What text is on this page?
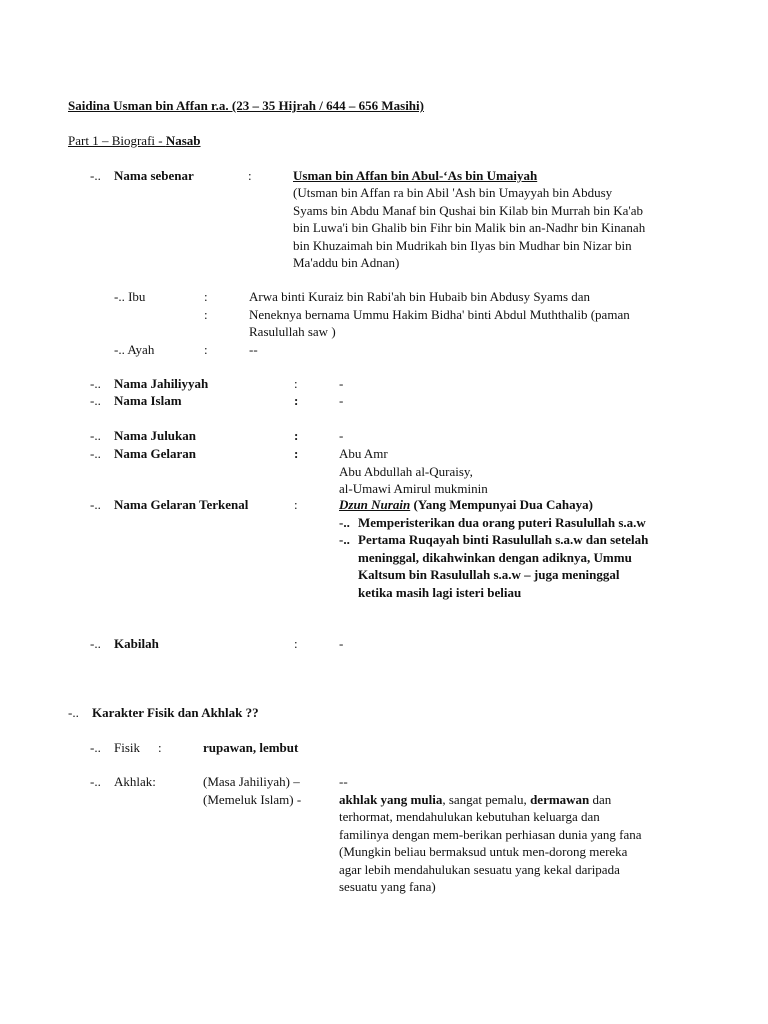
Saidina Usman bin Affan r.a. (23 – 35 Hijrah / 644 – 656 Masihi)
Part 1 – Biografi - Nasab
-.. Nama sebenar	:	Usman bin Affan bin Abul-‘As bin Umaiyah
(Utsman bin Affan ra bin Abil 'Ash bin Umayyah bin Abdusy
Syams bin Abdu Manaf bin Qushai bin Kilab bin Murrah bin Ka'ab
bin Luwa'i bin Ghalib bin Fihr bin Malik bin an-Nadhr bin Kinanah
bin Khuzaimah bin Mudrikah bin Ilyas bin Mudhar bin Nizar bin
Ma'addu bin Adnan)
-.. Ibu	:	Arwa binti Kuraiz bin Rabi'ah bin Hubaib bin Abdusy Syams dan
:	Neneknya bernama Ummu Hakim Bidha' binti Abdul Muththalib (paman
Rasulullah saw )
-.. Ayah	:	--
-.. Nama Jahiliyyah	:	-
-.. Nama Islam	:	-
-.. Nama Julukan	:	-
-.. Nama Gelaran	:	Abu Amr
Abu Abdullah al-Quraisy,
al-Umawi Amirul mukminin
-.. Nama Gelaran Terkenal	:	Dzun Nurain (Yang Mempunyai Dua Cahaya)
-.. Memperisterikan dua orang puteri Rasulullah s.a.w
-.. Pertama Ruqayah binti Rasulullah s.a.w dan setelah
meninggal, dikahwinkan dengan adiknya, Ummu
Kaltsum bin Rasulullah s.a.w – juga meninggal
ketika masih lagi isteri beliau
-.. Kabilah	:	-
-.. Karakter Fisik dan Akhlak ??
-.. Fisik :	rupawan, lembut
-.. Akhlak:	(Masa Jahiliyah) –	--
(Memeluk Islam) -	akhlak yang mulia, sangat pemalu, dermawan dan
terhormat, mendahulukan kebutuhan keluarga dan
familinya dengan mem-berikan perhiasan dunia yang fana
(Mungkin beliau bermaksud untuk men-dorong mereka
agar lebih mendahulukan sesuatu yang kekal daripada
sesuatu yang fana)
